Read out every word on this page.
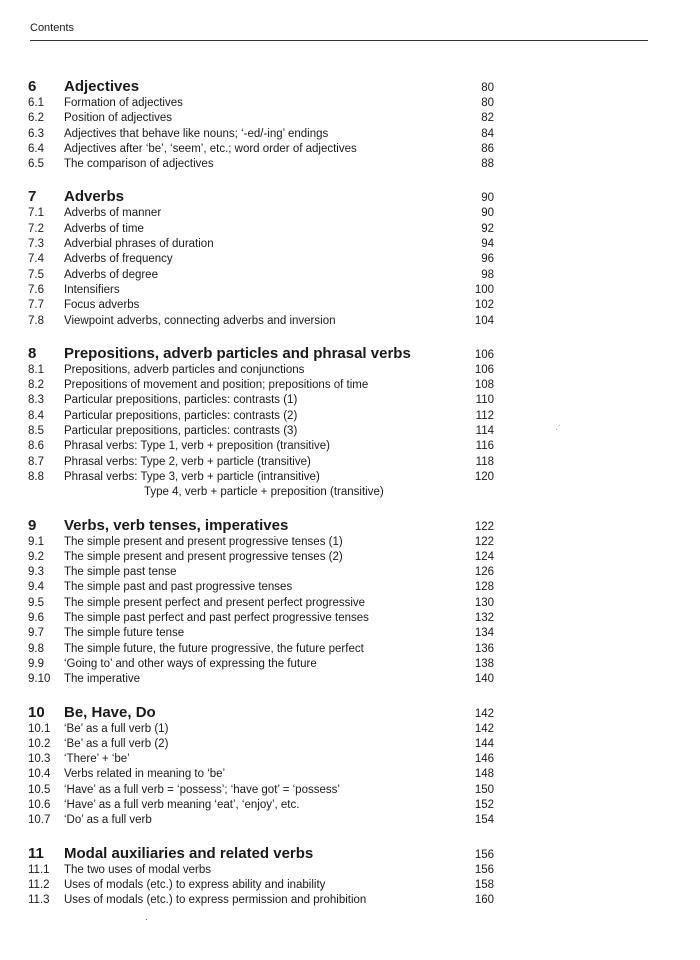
Contents
6	Adjectives	80
6.1	Formation of adjectives	80
6.2	Position of adjectives	82
6.3	Adjectives that behave like nouns; ‘-ed/-ing’ endings	84
6.4	Adjectives after ‘be’, ‘seem’, etc.; word order of adjectives	86
6.5	The comparison of adjectives	88
7	Adverbs	90
7.1	Adverbs of manner	90
7.2	Adverbs of time	92
7.3	Adverbial phrases of duration	94
7.4	Adverbs of frequency	96
7.5	Adverbs of degree	98
7.6	Intensifiers	100
7.7	Focus adverbs	102
7.8	Viewpoint adverbs, connecting adverbs and inversion	104
8	Prepositions, adverb particles and phrasal verbs	106
8.1	Prepositions, adverb particles and conjunctions	106
8.2	Prepositions of movement and position; prepositions of time	108
8.3	Particular prepositions, particles: contrasts (1)	110
8.4	Particular prepositions, particles: contrasts (2)	112
8.5	Particular prepositions, particles: contrasts (3)	114
8.6	Phrasal verbs: Type 1, verb + preposition (transitive)	116
8.7	Phrasal verbs: Type 2, verb + particle (transitive)	118
8.8	Phrasal verbs: Type 3, verb + particle (intransitive)	120
Type 4, verb + particle + preposition (transitive)
9	Verbs, verb tenses, imperatives	122
9.1	The simple present and present progressive tenses (1)	122
9.2	The simple present and present progressive tenses (2)	124
9.3	The simple past tense	126
9.4	The simple past and past progressive tenses	128
9.5	The simple present perfect and present perfect progressive	130
9.6	The simple past perfect and past perfect progressive tenses	132
9.7	The simple future tense	134
9.8	The simple future, the future progressive, the future perfect	136
9.9	‘Going to’ and other ways of expressing the future	138
9.10	The imperative	140
10	Be, Have, Do	142
10.1	‘Be’ as a full verb (1)	142
10.2	‘Be’ as a full verb (2)	144
10.3	‘There’ + ‘be’	146
10.4	Verbs related in meaning to ‘be’	148
10.5	‘Have’ as a full verb = ‘possess’; ‘have got’ = ‘possess’	150
10.6	‘Have’ as a full verb meaning ‘eat’, ‘enjoy’, etc.	152
10.7	‘Do’ as a full verb	154
11	Modal auxiliaries and related verbs	156
11.1	The two uses of modal verbs	156
11.2	Uses of modals (etc.) to express ability and inability	158
11.3	Uses of modals (etc.) to express permission and prohibition	160
·´
.
